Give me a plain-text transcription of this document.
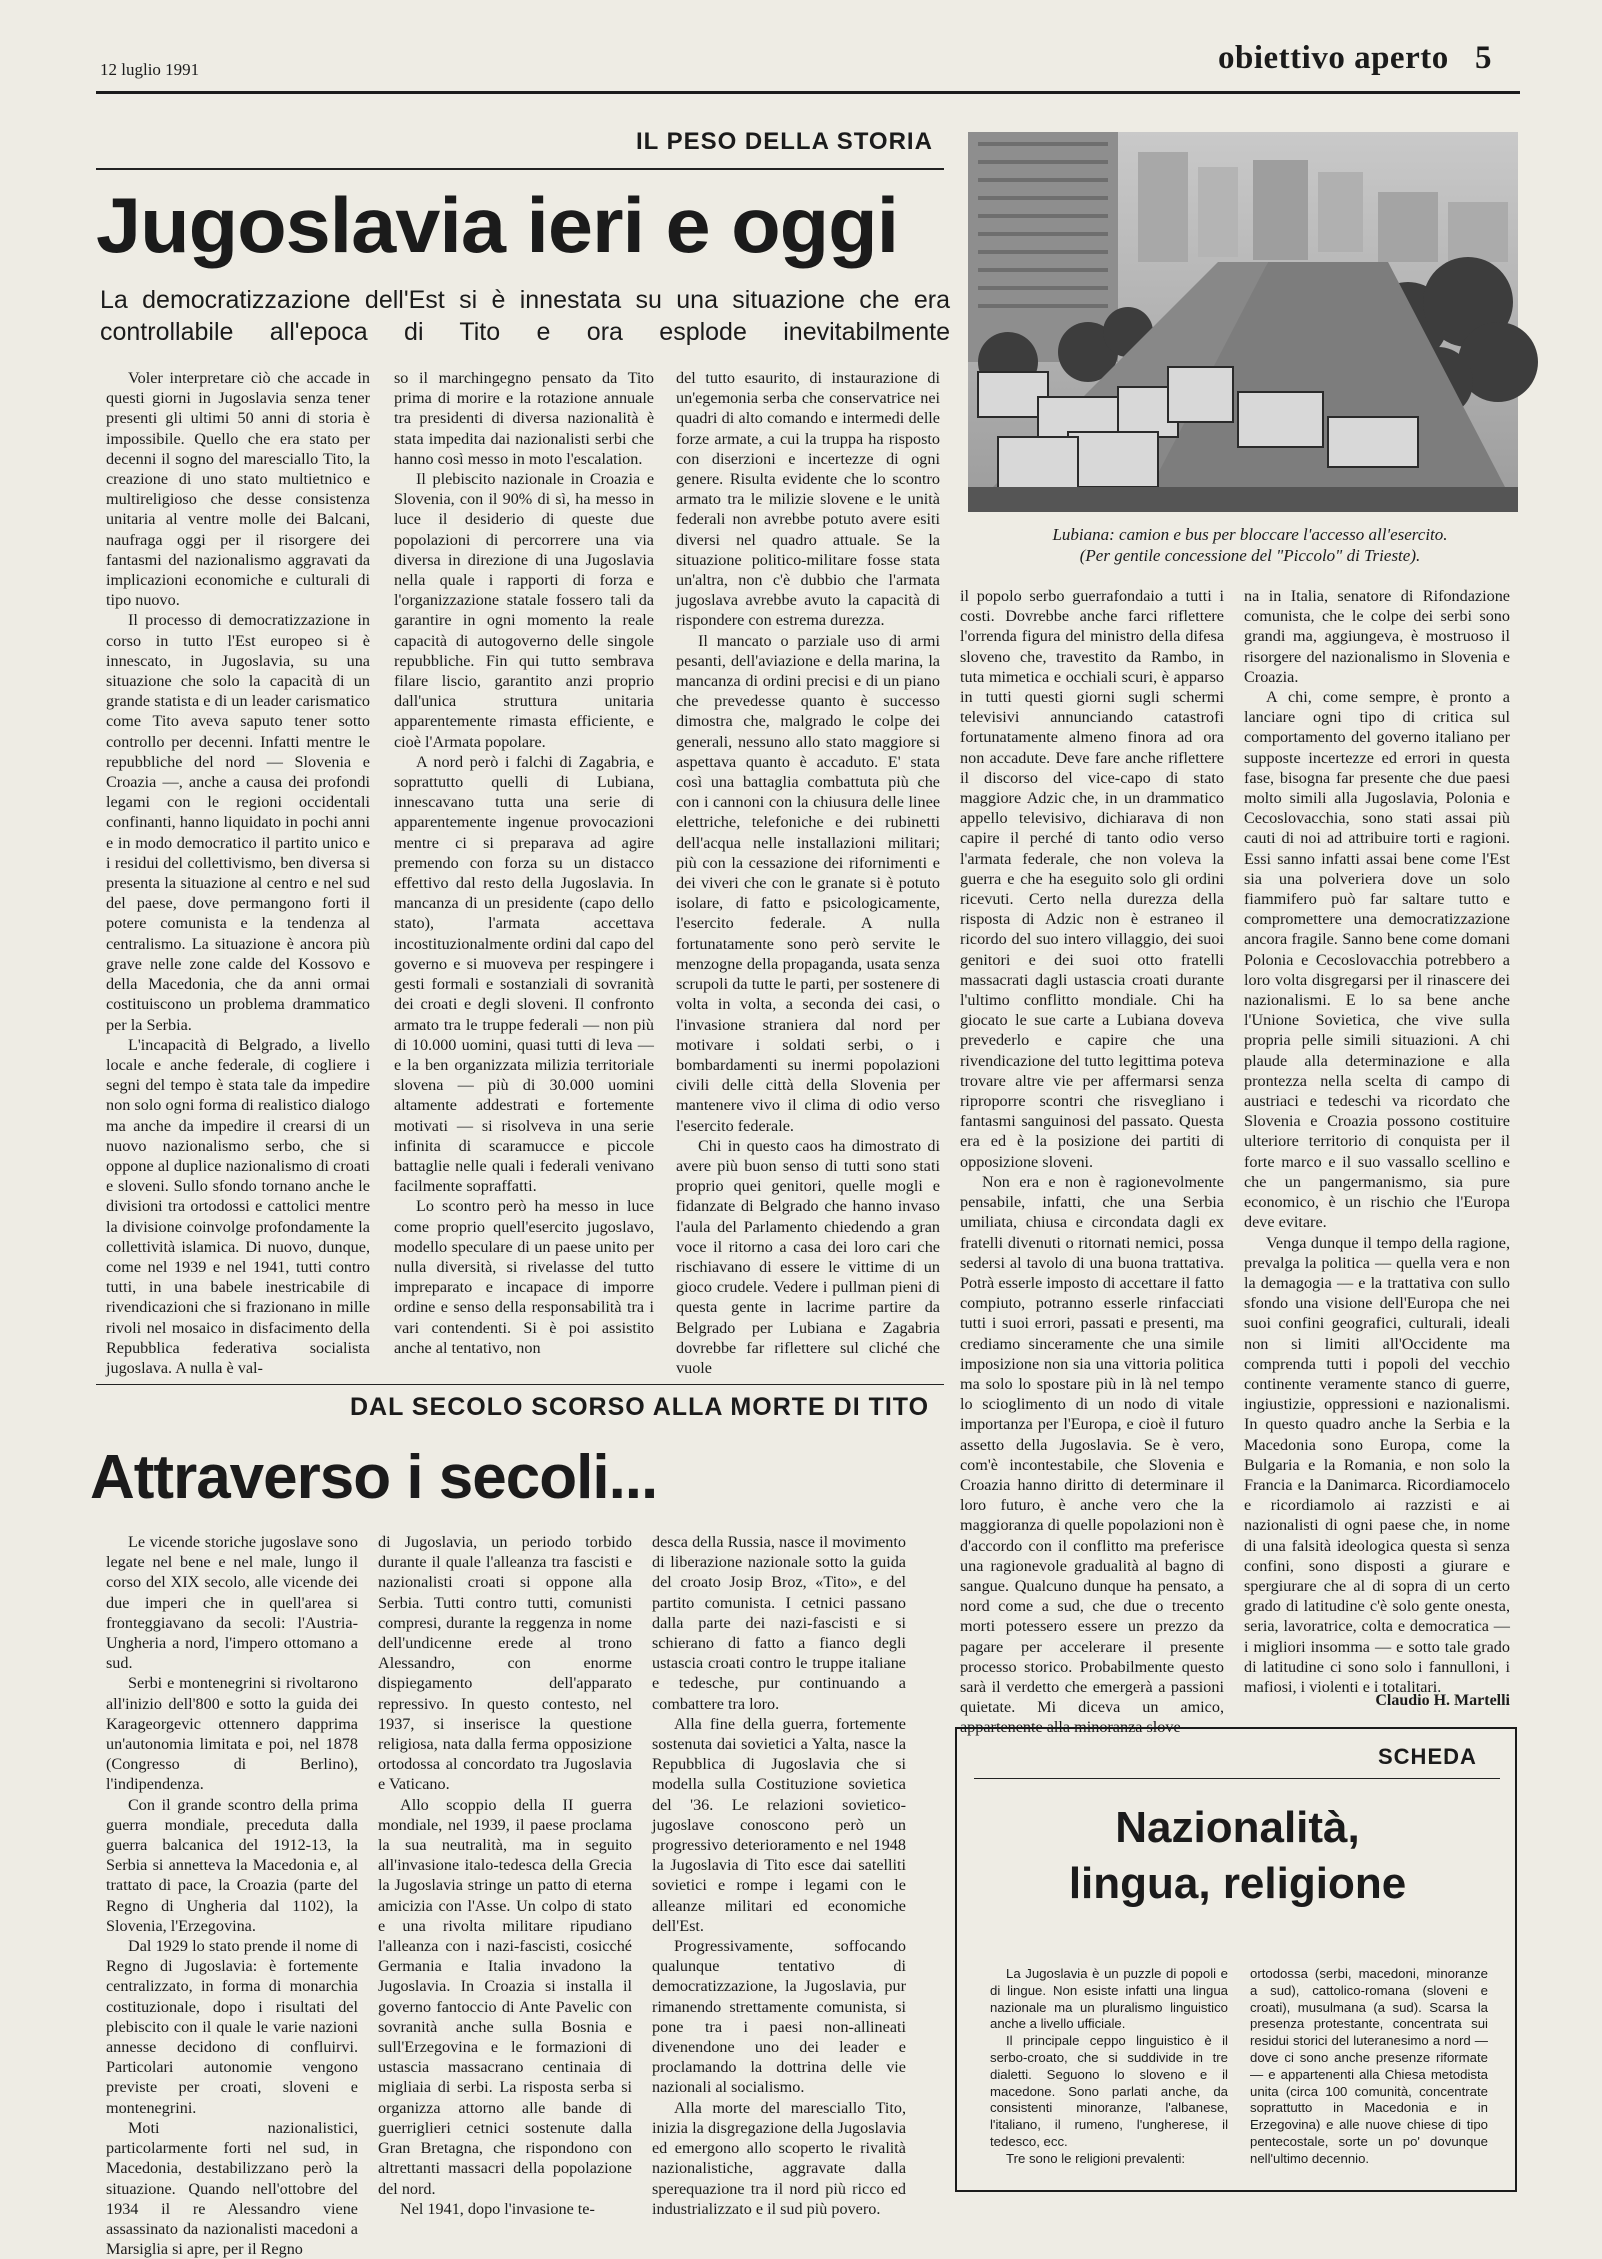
12 luglio 1991	obiettivo aperto 5
IL PESO DELLA STORIA
Jugoslavia ieri e oggi
La democratizzazione dell'Est si è innestata su una situazione che era controllabile all'epoca di Tito e ora esplode inevitabilmente
Lubiana: camion e bus per bloccare l'accesso all'esercito.
(Per gentile concessione del "Piccolo" di Trieste).

Voler interpretare ciò che accade in questi giorni in Jugoslavia senza tener presenti gli ultimi 50 anni di storia è impossibile. Quello che era stato per decenni il sogno del maresciallo Tito, la creazione di uno stato multietnico e multireligioso che desse consistenza unitaria al ventre molle dei Balcani, naufraga oggi per il risorgere dei fantasmi del nazionalismo aggravati da implicazioni economiche e culturali di tipo nuovo.

Il processo di democratizzazione in corso in tutto l'Est europeo si è innescato, in Jugoslavia, su una situazione che solo la capacità di un grande statista e di un leader carismatico come Tito aveva saputo tener sotto controllo per decenni. Infatti mentre le repubbliche del nord — Slovenia e Croazia —, anche a causa dei profondi legami con le regioni occidentali confinanti, hanno liquidato in pochi anni e in modo democratico il partito unico e i residui del collettivismo, ben diversa si presenta la situazione al centro e nel sud del paese, dove permangono forti il potere comunista e la tendenza al centralismo. La situazione è ancora più grave nelle zone calde del Kossovo e della Macedonia, che da anni ormai costituiscono un problema drammatico per la Serbia.

L'incapacità di Belgrado, a livello locale e anche federale, di cogliere i segni del tempo è stata tale da impedire non solo ogni forma di realistico dialogo ma anche da impedire il crearsi di un nuovo nazionalismo serbo, che si oppone al duplice nazionalismo di croati e sloveni. Sullo sfondo tornano anche le divisioni tra ortodossi e cattolici mentre la divisione coinvolge profondamente la collettività islamica. Di nuovo, dunque, come nel 1939 e nel 1941, tutti contro tutti, in una babele inestricabile di rivendicazioni che si frazionano in mille rivoli nel mosaico in disfacimento della Repubblica federativa socialista jugoslava. A nulla è val-

so il marchingegno pensato da Tito prima di morire e la rotazione annuale tra presidenti di diversa nazionalità è stata impedita dai nazionalisti serbi che hanno così messo in moto l'escalation.

Il plebiscito nazionale in Croazia e Slovenia, con il 90% di sì, ha messo in luce il desiderio di queste due popolazioni di percorrere una via diversa in direzione di una Jugoslavia nella quale i rapporti di forza e l'organizzazione statale fossero tali da garantire in ogni momento la reale capacità di autogoverno delle singole repubbliche. Fin qui tutto sembrava filare liscio, garantito anzi proprio dall'unica struttura unitaria apparentemente rimasta efficiente, e cioè l'Armata popolare.

A nord però i falchi di Zagabria, e soprattutto quelli di Lubiana, innescavano tutta una serie di apparentemente ingenue provocazioni mentre ci si preparava ad agire premendo con forza su un distacco effettivo dal resto della Jugoslavia. In mancanza di un presidente (capo dello stato), l'armata accettava incostituzionalmente ordini dal capo del governo e si muoveva per respingere i gesti formali e sostanziali di sovranità dei croati e degli sloveni. Il confronto armato tra le truppe federali — non più di 10.000 uomini, quasi tutti di leva — e la ben organizzata milizia territoriale slovena — più di 30.000 uomini altamente addestrati e fortemente motivati — si risolveva in una serie infinita di scaramucce e piccole battaglie nelle quali i federali venivano facilmente sopraffatti.

Lo scontro però ha messo in luce come proprio quell'esercito jugoslavo, modello speculare di un paese unito per nulla diversità, si rivelasse del tutto impreparato e incapace di imporre ordine e senso della responsabilità tra i vari contendenti. Si è poi assistito anche al tentativo, non

del tutto esaurito, di instaurazione di un'egemonia serba che conservatrice nei quadri di alto comando e intermedi delle forze armate, a cui la truppa ha risposto con diserzioni e incertezze di ogni genere. Risulta evidente che lo scontro armato tra le milizie slovene e le unità federali non avrebbe potuto avere esiti diversi nel quadro attuale. Se la situazione politico-militare fosse stata un'altra, non c'è dubbio che l'armata jugoslava avrebbe avuto la capacità di rispondere con estrema durezza.

Il mancato o parziale uso di armi pesanti, dell'aviazione e della marina, la mancanza di ordini precisi e di un piano che prevedesse quanto è successo dimostra che, malgrado le colpe dei generali, nessuno allo stato maggiore si aspettava quanto è accaduto. E' stata così una battaglia combattuta più che con i cannoni con la chiusura delle linee elettriche, telefoniche e dei rubinetti dell'acqua nelle installazioni militari; più con la cessazione dei rifornimenti e dei viveri che con le granate si è potuto isolare, di fatto e psicologicamente, l'esercito federale. A nulla fortunatamente sono però servite le menzogne della propaganda, usata senza scrupoli da tutte le parti, per sostenere di volta in volta, a seconda dei casi, o l'invasione straniera dal nord per motivare i soldati serbi, o i bombardamenti su inermi popolazioni civili delle città della Slovenia per mantenere vivo il clima di odio verso l'esercito federale.

Chi in questo caos ha dimostrato di avere più buon senso di tutti sono stati proprio quei genitori, quelle mogli e fidanzate di Belgrado che hanno invaso l'aula del Parlamento chiedendo a gran voce il ritorno a casa dei loro cari che rischiavano di essere le vittime di un gioco crudele. Vedere i pullman pieni di questa gente in lacrime partire da Belgrado per Lubiana e Zagabria dovrebbe far riflettere sul cliché che vuole

il popolo serbo guerrafondaio a tutti i costi. Dovrebbe anche farci riflettere l'orrenda figura del ministro della difesa sloveno che, travestito da Rambo, in tuta mimetica e occhiali scuri, è apparso in tutti questi giorni sugli schermi televisivi annunciando catastrofi fortunatamente almeno finora ad ora non accadute. Deve fare anche riflettere il discorso del vice-capo di stato maggiore Adzic che, in un drammatico appello televisivo, dichiarava di non capire il perché di tanto odio verso l'armata federale, che non voleva la guerra e che ha eseguito solo gli ordini ricevuti. Certo nella durezza della risposta di Adzic non è estraneo il ricordo del suo intero villaggio, dei suoi genitori e dei suoi otto fratelli massacrati dagli ustascia croati durante l'ultimo conflitto mondiale. Chi ha giocato le sue carte a Lubiana doveva prevederlo e capire che una rivendicazione del tutto legittima poteva trovare altre vie per affermarsi senza riproporre scontri che risvegliano i fantasmi sanguinosi del passato. Questa era ed è la posizione dei partiti di opposizione sloveni.

Non era e non è ragionevolmente pensabile, infatti, che una Serbia umiliata, chiusa e circondata dagli ex fratelli divenuti o ritornati nemici, possa sedersi al tavolo di una buona trattativa. Potrà esserle imposto di accettare il fatto compiuto, potranno esserle rinfacciati tutti i suoi errori, passati e presenti, ma crediamo sinceramente che una simile imposizione non sia una vittoria politica ma solo lo spostare più in là nel tempo lo scioglimento di un nodo di vitale importanza per l'Europa, e cioè il futuro assetto della Jugoslavia. Se è vero, com'è incontestabile, che Slovenia e Croazia hanno diritto di determinare il loro futuro, è anche vero che la maggioranza di quelle popolazioni non è d'accordo con il conflitto ma preferisce una ragionevole gradualità al bagno di sangue. Qualcuno dunque ha pensato, a nord come a sud, che due o trecento morti potessero essere un prezzo da pagare per accelerare il presente processo storico. Probabilmente questo sarà il verdetto che emergerà a passioni quietate. Mi diceva un amico, appartenente alla minoranza slove-

na in Italia, senatore di Rifondazione comunista, che le colpe dei serbi sono grandi ma, aggiungeva, è mostruoso il risorgere del nazionalismo in Slovenia e Croazia.

A chi, come sempre, è pronto a lanciare ogni tipo di critica sul comportamento del governo italiano per supposte incertezze ed errori in questa fase, bisogna far presente che due paesi molto simili alla Jugoslavia, Polonia e Cecoslovacchia, sono stati assai più cauti di noi ad attribuire torti e ragioni. Essi sanno infatti assai bene come l'Est sia una polveriera dove un solo fiammifero può far saltare tutto e compromettere una democratizzazione ancora fragile. Sanno bene come domani Polonia e Cecoslovacchia potrebbero a loro volta disgregarsi per il rinascere dei nazionalismi. E lo sa bene anche l'Unione Sovietica, che vive sulla propria pelle simili situazioni. A chi plaude alla determinazione e alla prontezza nella scelta di campo di austriaci e tedeschi va ricordato che Slovenia e Croazia possono costituire ulteriore territorio di conquista per il forte marco e il suo vassallo scellino e che un pangermanismo, sia pure economico, è un rischio che l'Europa deve evitare.

Venga dunque il tempo della ragione, prevalga la politica — quella vera e non la demagogia — e la trattativa con sullo sfondo una visione dell'Europa che nei suoi confini geografici, culturali, ideali non si limiti all'Occidente ma comprenda tutti i popoli del vecchio continente veramente stanco di guerre, ingiustizie, oppressioni e nazionalismi. In questo quadro anche la Serbia e la Macedonia sono Europa, come la Bulgaria e la Romania, e non solo la Francia e la Danimarca. Ricordiamocelo e ricordiamolo ai razzisti e ai nazionalisti di ogni paese che, in nome di una falsità ideologica questa sì senza confini, sono disposti a giurare e spergiurare che al di sopra di un certo grado di latitudine c'è solo gente onesta, seria, lavoratrice, colta e democratica — i migliori insomma — e sotto tale grado di latitudine ci sono solo i fannulloni, i mafiosi, i violenti e i totalitari.

Claudio H. Martelli
DAL SECOLO SCORSO ALLA MORTE DI TITO
Attraverso i secoli...

Le vicende storiche jugoslave sono legate nel bene e nel male, lungo il corso del XIX secolo, alle vicende dei due imperi che in quell'area si fronteggiavano da secoli: l'Austria-Ungheria a nord, l'impero ottomano a sud.

Serbi e montenegrini si rivoltarono all'inizio dell'800 e sotto la guida dei Karageorgevic ottennero dapprima un'autonomia limitata e poi, nel 1878 (Congresso di Berlino), l'indipendenza.

Con il grande scontro della prima guerra mondiale, preceduta dalla guerra balcanica del 1912-13, la Serbia si annetteva la Macedonia e, al trattato di pace, la Croazia (parte del Regno di Ungheria dal 1102), la Slovenia, l'Erzegovina.

Dal 1929 lo stato prende il nome di Regno di Jugoslavia: è fortemente centralizzato, in forma di monarchia costituzionale, dopo i risultati del plebiscito con il quale le varie nazioni annesse decidono di confluirvi. Particolari autonomie vengono previste per croati, sloveni e montenegrini.

Moti nazionalistici, particolarmente forti nel sud, in Macedonia, destabilizzano però la situazione. Quando nell'ottobre del 1934 il re Alessandro viene assassinato da nazionalisti macedoni a Marsiglia si apre, per il Regno

di Jugoslavia, un periodo torbido durante il quale l'alleanza tra fascisti e nazionalisti croati si oppone alla Serbia. Tutti contro tutti, comunisti compresi, durante la reggenza in nome dell'undicenne erede al trono Alessandro, con enorme dispiegamento dell'apparato repressivo. In questo contesto, nel 1937, si inserisce la questione religiosa, nata dalla ferma opposizione ortodossa al concordato tra Jugoslavia e Vaticano.

Allo scoppio della II guerra mondiale, nel 1939, il paese proclama la sua neutralità, ma in seguito all'invasione italo-tedesca della Grecia la Jugoslavia stringe un patto di eterna amicizia con l'Asse. Un colpo di stato e una rivolta militare ripudiano l'alleanza con i nazi-fascisti, cosicché Germania e Italia invadono la Jugoslavia. In Croazia si installa il governo fantoccio di Ante Pavelic con sovranità anche sulla Bosnia e sull'Erzegovina e le formazioni di ustascia massacrano centinaia di migliaia di serbi. La risposta serba si organizza attorno alle bande di guerriglieri cetnici sostenute dalla Gran Bretagna, che rispondono con altrettanti massacri della popolazione del nord.

Nel 1941, dopo l'invasione te-

desca della Russia, nasce il movimento di liberazione nazionale sotto la guida del croato Josip Broz, «Tito», e del partito comunista. I cetnici passano dalla parte dei nazi-fascisti e si schierano di fatto a fianco degli ustascia croati contro le truppe italiane e tedesche, pur continuando a combattere tra loro.

Alla fine della guerra, fortemente sostenuta dai sovietici a Yalta, nasce la Repubblica di Jugoslavia che si modella sulla Costituzione sovietica del '36. Le relazioni sovietico-jugoslave conoscono però un progressivo deterioramento e nel 1948 la Jugoslavia di Tito esce dai satelliti sovietici e rompe i legami con le alleanze militari ed economiche dell'Est.

Progressivamente, soffocando qualunque tentativo di democratizzazione, la Jugoslavia, pur rimanendo strettamente comunista, si pone tra i paesi non-allineati divenendone uno dei leader e proclamando la dottrina delle vie nazionali al socialismo.

Alla morte del maresciallo Tito, inizia la disgregazione della Jugoslavia ed emergono allo scoperto le rivalità nazionalistiche, aggravate dalla sperequazione tra il nord più ricco ed industrializzato e il sud più povero.

SCHEDA
Nazionalità,
lingua, religione

La Jugoslavia è un puzzle di popoli e di lingue. Non esiste infatti una lingua nazionale ma un pluralismo linguistico anche a livello ufficiale.

Il principale ceppo linguistico è il serbo-croato, che si suddivide in tre dialetti. Seguono lo sloveno e il macedone. Sono parlati anche, da consistenti minoranze, l'albanese, l'italiano, il rumeno, l'ungherese, il tedesco, ecc.

Tre sono le religioni prevalenti:

ortodossa (serbi, macedoni, minoranze a sud), cattolico-romana (sloveni e croati), musulmana (a sud). Scarsa la presenza protestante, concentrata sui residui storici del luteranesimo a nord — dove ci sono anche presenze riformate — e appartenenti alla Chiesa metodista unita (circa 100 comunità, concentrate soprattutto in Macedonia e in Erzegovina) e alle nuove chiese di tipo pentecostale, sorte un po' dovunque nell'ultimo decennio.
